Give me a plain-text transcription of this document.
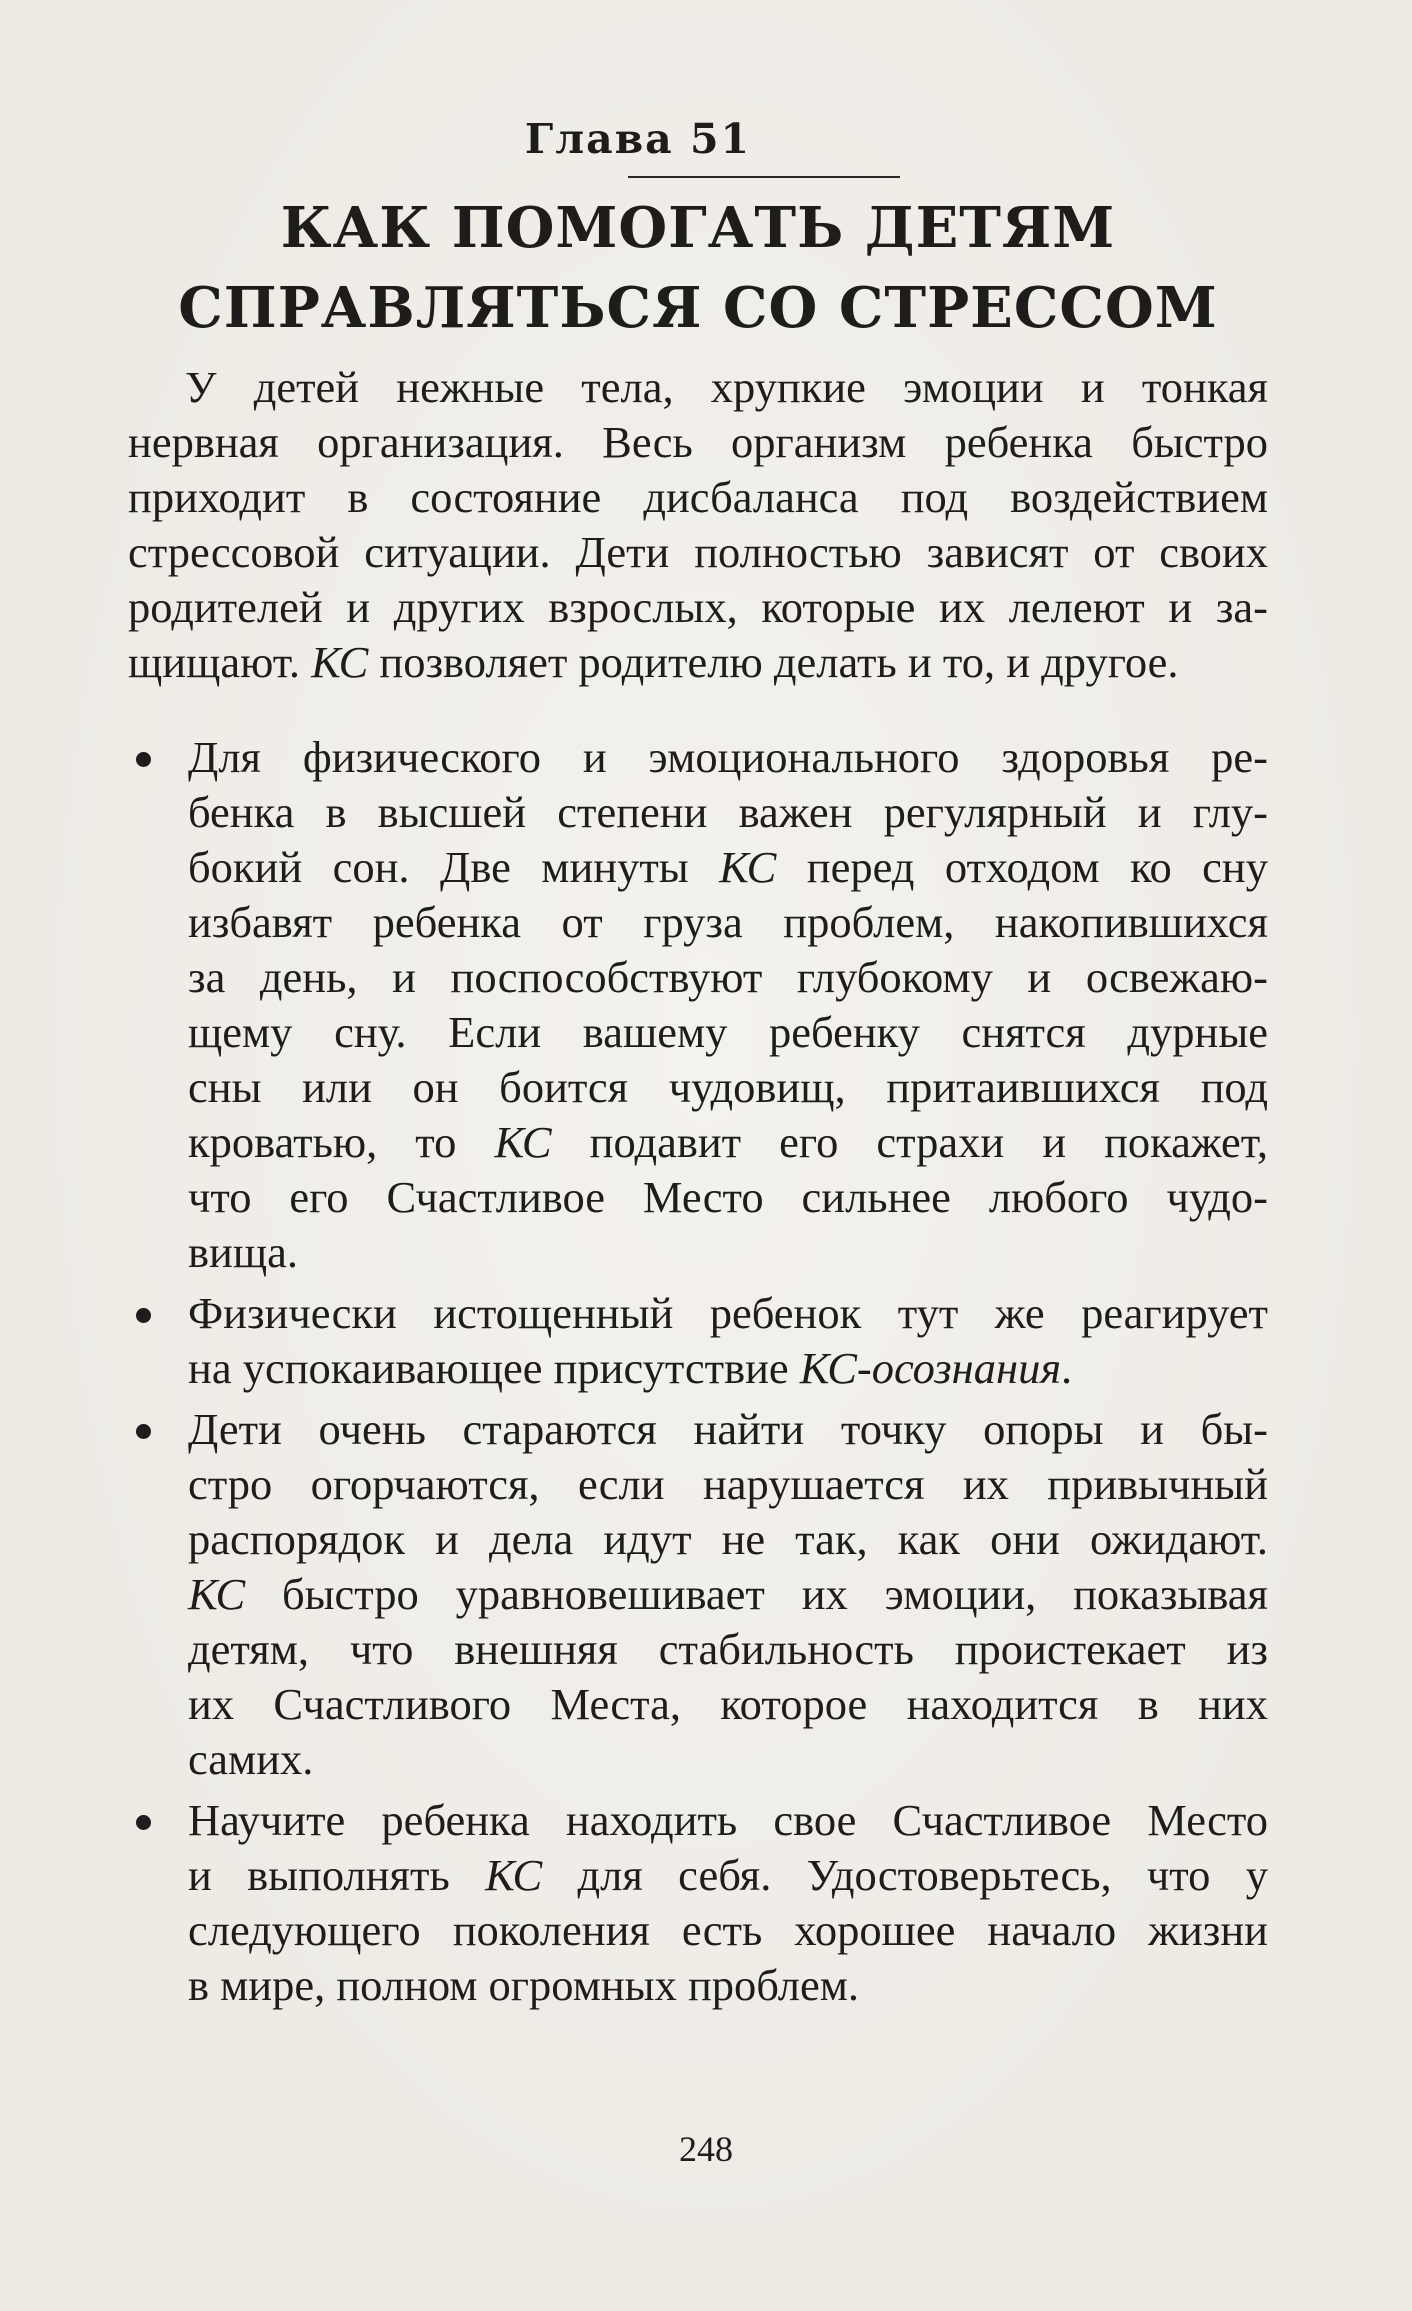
Глава 51
КАК ПОМОГАТЬ ДЕТЯМ
СПРАВЛЯТЬСЯ СО СТРЕССОМ

У детей нежные тела, хрупкие эмоции и тонкая
нервная организация. Весь организм ребенка быстро
приходит в состояние дисбаланса под воздействием
стрессовой ситуации. Дети полностью зависят от своих
родителей и других взрослых, которые их лелеют и за-
щищают. КС позволяет родителю делать и то, и другое.

Для физического и эмоционального здоровья ре-
бенка в высшей степени важен регулярный и глу-
бокий сон. Две минуты КС перед отходом ко сну
избавят ребенка от груза проблем, накопившихся
за день, и поспособствуют глубокому и освежаю-
щему сну. Если вашему ребенку снятся дурные
сны или он боится чудовищ, притаившихся под
кроватью, то КС подавит его страхи и покажет,
что его Счастливое Место сильнее любого чудо-
вища.
Физически истощенный ребенок тут же реагирует
на успокаивающее присутствие КС-осознания.
Дети очень стараются найти точку опоры и бы-
стро огорчаются, если нарушается их привычный
распорядок и дела идут не так, как они ожидают.
КС быстро уравновешивает их эмоции, показывая
детям, что внешняя стабильность проистекает из
их Счастливого Места, которое находится в них
самих.
Научите ребенка находить свое Счастливое Место
и выполнять КС для себя. Удостоверьтесь, что у
следующего поколения есть хорошее начало жизни
в мире, полном огромных проблем.
248
